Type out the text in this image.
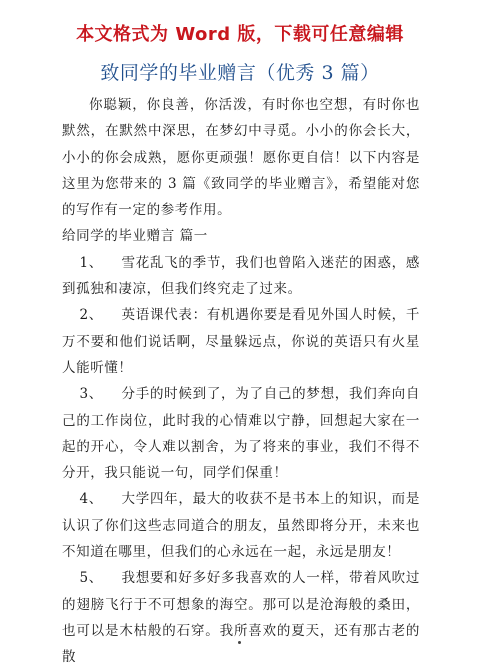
本文格式为 Word 版，下载可任意编辑
致同学的毕业赠言（优秀 3 篇）

你聪颖，你良善，你活泼，有时你也空想，有时你也默然，在默然中深思，在梦幻中寻觅。小小的你会长大，小小的你会成熟，愿你更顽强！愿你更自信！以下内容是这里为您带来的 3 篇《致同学的毕业赠言》，希望能对您的写作有一定的参考作用。

给同学的毕业赠言 篇一

1、 雪花乱飞的季节，我们也曾陷入迷茫的困惑，感到孤独和凄凉，但我们终究走了过来。

2、 英语课代表：有机遇你要是看见外国人时候，千万不要和他们说话啊，尽量躲远点，你说的英语只有火星人能听懂！

3、 分手的时候到了，为了自己的梦想，我们奔向自己的工作岗位，此时我的心情难以宁静，回想起大家在一起的开心，令人难以割舍，为了将来的事业，我们不得不分开，我只能说一句，同学们保重！

4、 大学四年，最大的收获不是书本上的知识，而是认识了你们这些志同道合的朋友，虽然即将分开，未来也不知道在哪里，但我们的心永远在一起，永远是朋友！

5、 我想要和好多好多我喜欢的人一样，带着风吹过的翅膀飞行于不可想象的海空。那可以是沧海般的桑田，也可以是木枯般的石穿。我所喜欢的夏天，还有那古老的散
